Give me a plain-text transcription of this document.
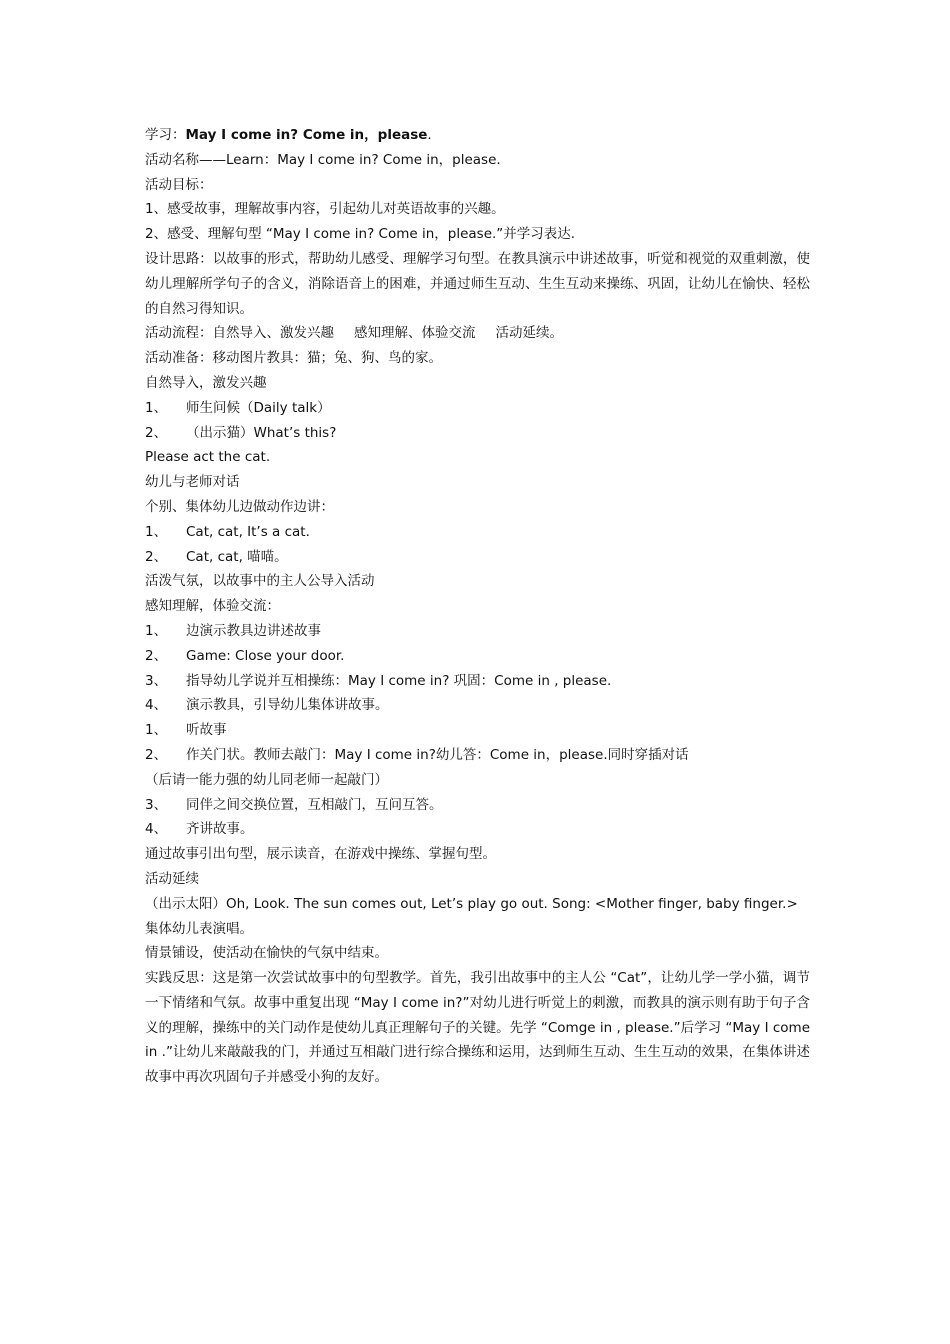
学习：May I come in? Come in，please.
活动名称——Learn：May I come in? Come in，please.
活动目标：
1、感受故事，理解故事内容，引起幼儿对英语故事的兴趣。
2、感受、理解句型 “May I come in? Come in，please.”并学习表达.
设计思路：以故事的形式，帮助幼儿感受、理解学习句型。在教具演示中讲述故事，听觉和视觉的双重刺激，使幼儿理解所学句子的含义，消除语音上的困难，并通过师生互动、生生互动来操练、巩固，让幼儿在愉快、轻松的自然习得知识。
活动流程：自然导入、激发兴趣 感知理解、体验交流 活动延续。
活动准备：移动图片教具：猫；兔、狗、鸟的家。
自然导入，激发兴趣
1、 师生问候（Daily talk）
2、 （出示猫）What’s this?
Please act the cat.
幼儿与老师对话
个别、集体幼儿边做动作边讲：
1、 Cat, cat, It’s a cat.
2、 Cat, cat, 喵喵。
活泼气氛，以故事中的主人公导入活动
感知理解，体验交流：
1、 边演示教具边讲述故事
2、 Game: Close your door.
3、 指导幼儿学说并互相操练：May I come in? 巩固：Come in , please.
4、 演示教具，引导幼儿集体讲故事。
1、 听故事
2、 作关门状。教师去敲门：May I come in?幼儿答：Come in，please.同时穿插对话
（后请一能力强的幼儿同老师一起敲门）
3、 同伴之间交换位置，互相敲门，互问互答。
4、 齐讲故事。
通过故事引出句型，展示读音，在游戏中操练、掌握句型。
活动延续
（出示太阳）Oh, Look. The sun comes out, Let’s play go out. Song: <Mother finger, baby finger.>
集体幼儿表演唱。
情景铺设，使活动在愉快的气氛中结束。
实践反思：这是第一次尝试故事中的句型教学。首先，我引出故事中的主人公 “Cat”，让幼儿学一学小猫，调节一下情绪和气氛。故事中重复出现 “May I come in?”对幼儿进行听觉上的刺激，而教具的演示则有助于句子含义的理解，操练中的关门动作是使幼儿真正理解句子的关键。先学 “Comge in , please.”后学习 “May I come in .”让幼儿来敲敲我的门，并通过互相敲门进行综合操练和运用，达到师生互动、生生互动的效果，在集体讲述故事中再次巩固句子并感受小狗的友好。
